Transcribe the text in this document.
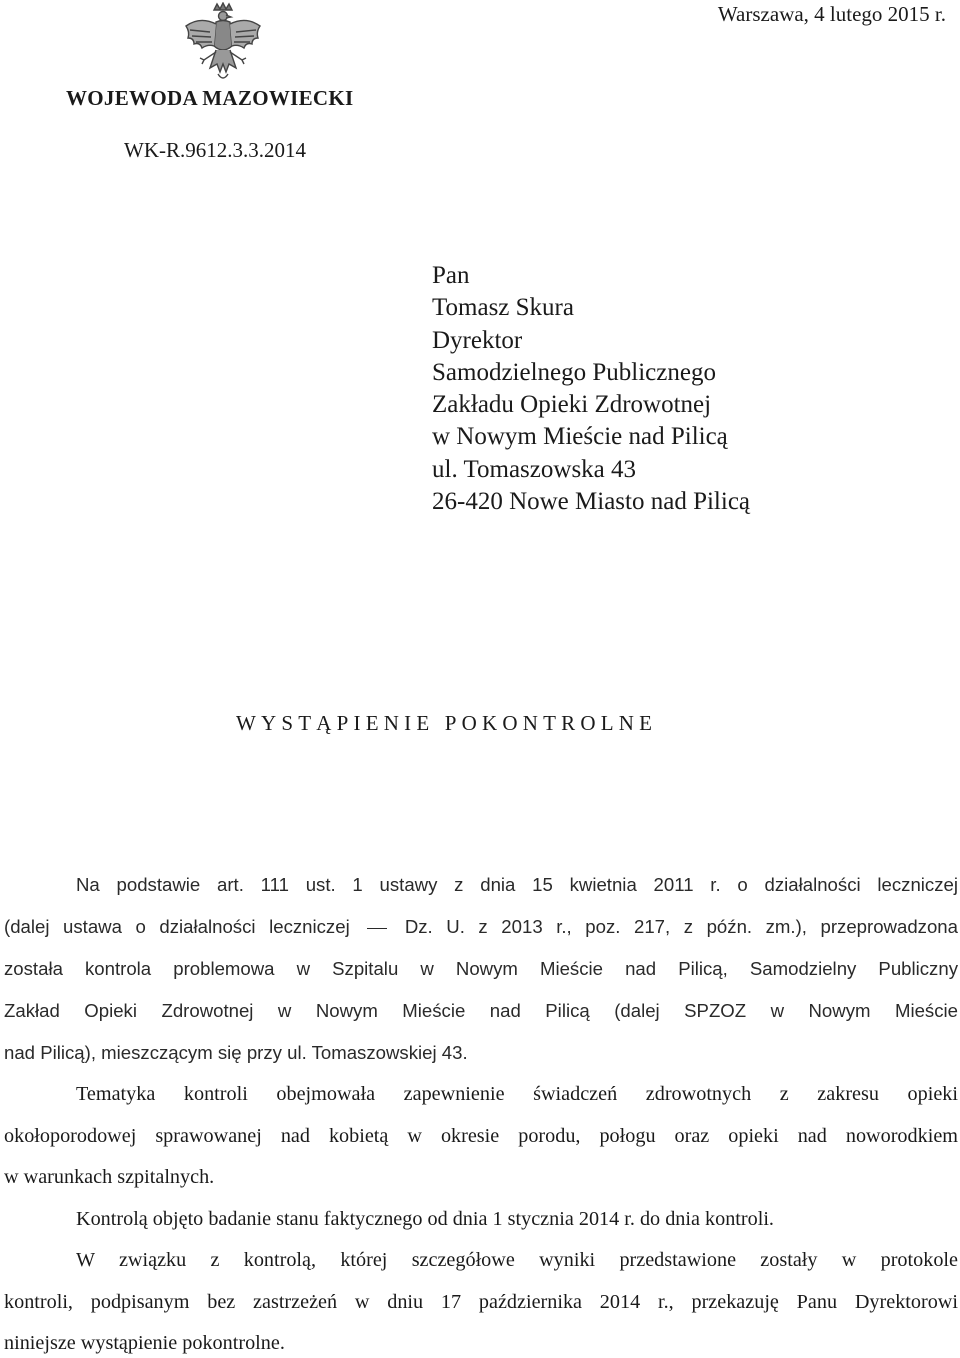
Warszawa, 4 lutego 2015 r.
WOJEWODA MAZOWIECKI
WK-R.9612.3.3.2014
Pan
Tomasz Skura
Dyrektor
Samodzielnego Publicznego
Zakładu Opieki Zdrowotnej
w Nowym Mieście nad Pilicą
ul. Tomaszowska 43
26-420 Nowe Miasto nad Pilicą
WYSTĄPIENIE POKONTROLNE
Na podstawie art. 111 ust. 1 ustawy z dnia 15 kwietnia 2011 r. o działalności leczniczej
(dalej ustawa o działalności leczniczej	Dz. U. z 2013 r., poz. 217, z późn. zm.), przeprowadzona
została kontrola problemowa w Szpitalu w Nowym Mieście nad Pilicą, Samodzielny Publiczny
Zakład Opieki Zdrowotnej w Nowym Mieście nad Pilicą (dalej SPZOZ w Nowym Mieście
nad Pilicą), mieszczącym się przy ul. Tomaszowskiej 43.
Tematyka kontroli obejmowała zapewnienie świadczeń zdrowotnych z zakresu opieki
okołoporodowej sprawowanej nad kobietą w okresie porodu, połogu oraz opieki nad noworodkiem
w warunkach szpitalnych.
Kontrolą objęto badanie stanu faktycznego od dnia 1 stycznia 2014 r. do dnia kontroli.
W związku z kontrolą, której szczegółowe wyniki przedstawione zostały w protokole
kontroli, podpisanym bez zastrzeżeń w dniu 17 października 2014 r., przekazuję Panu Dyrektorowi
niniejsze wystąpienie pokontrolne.
